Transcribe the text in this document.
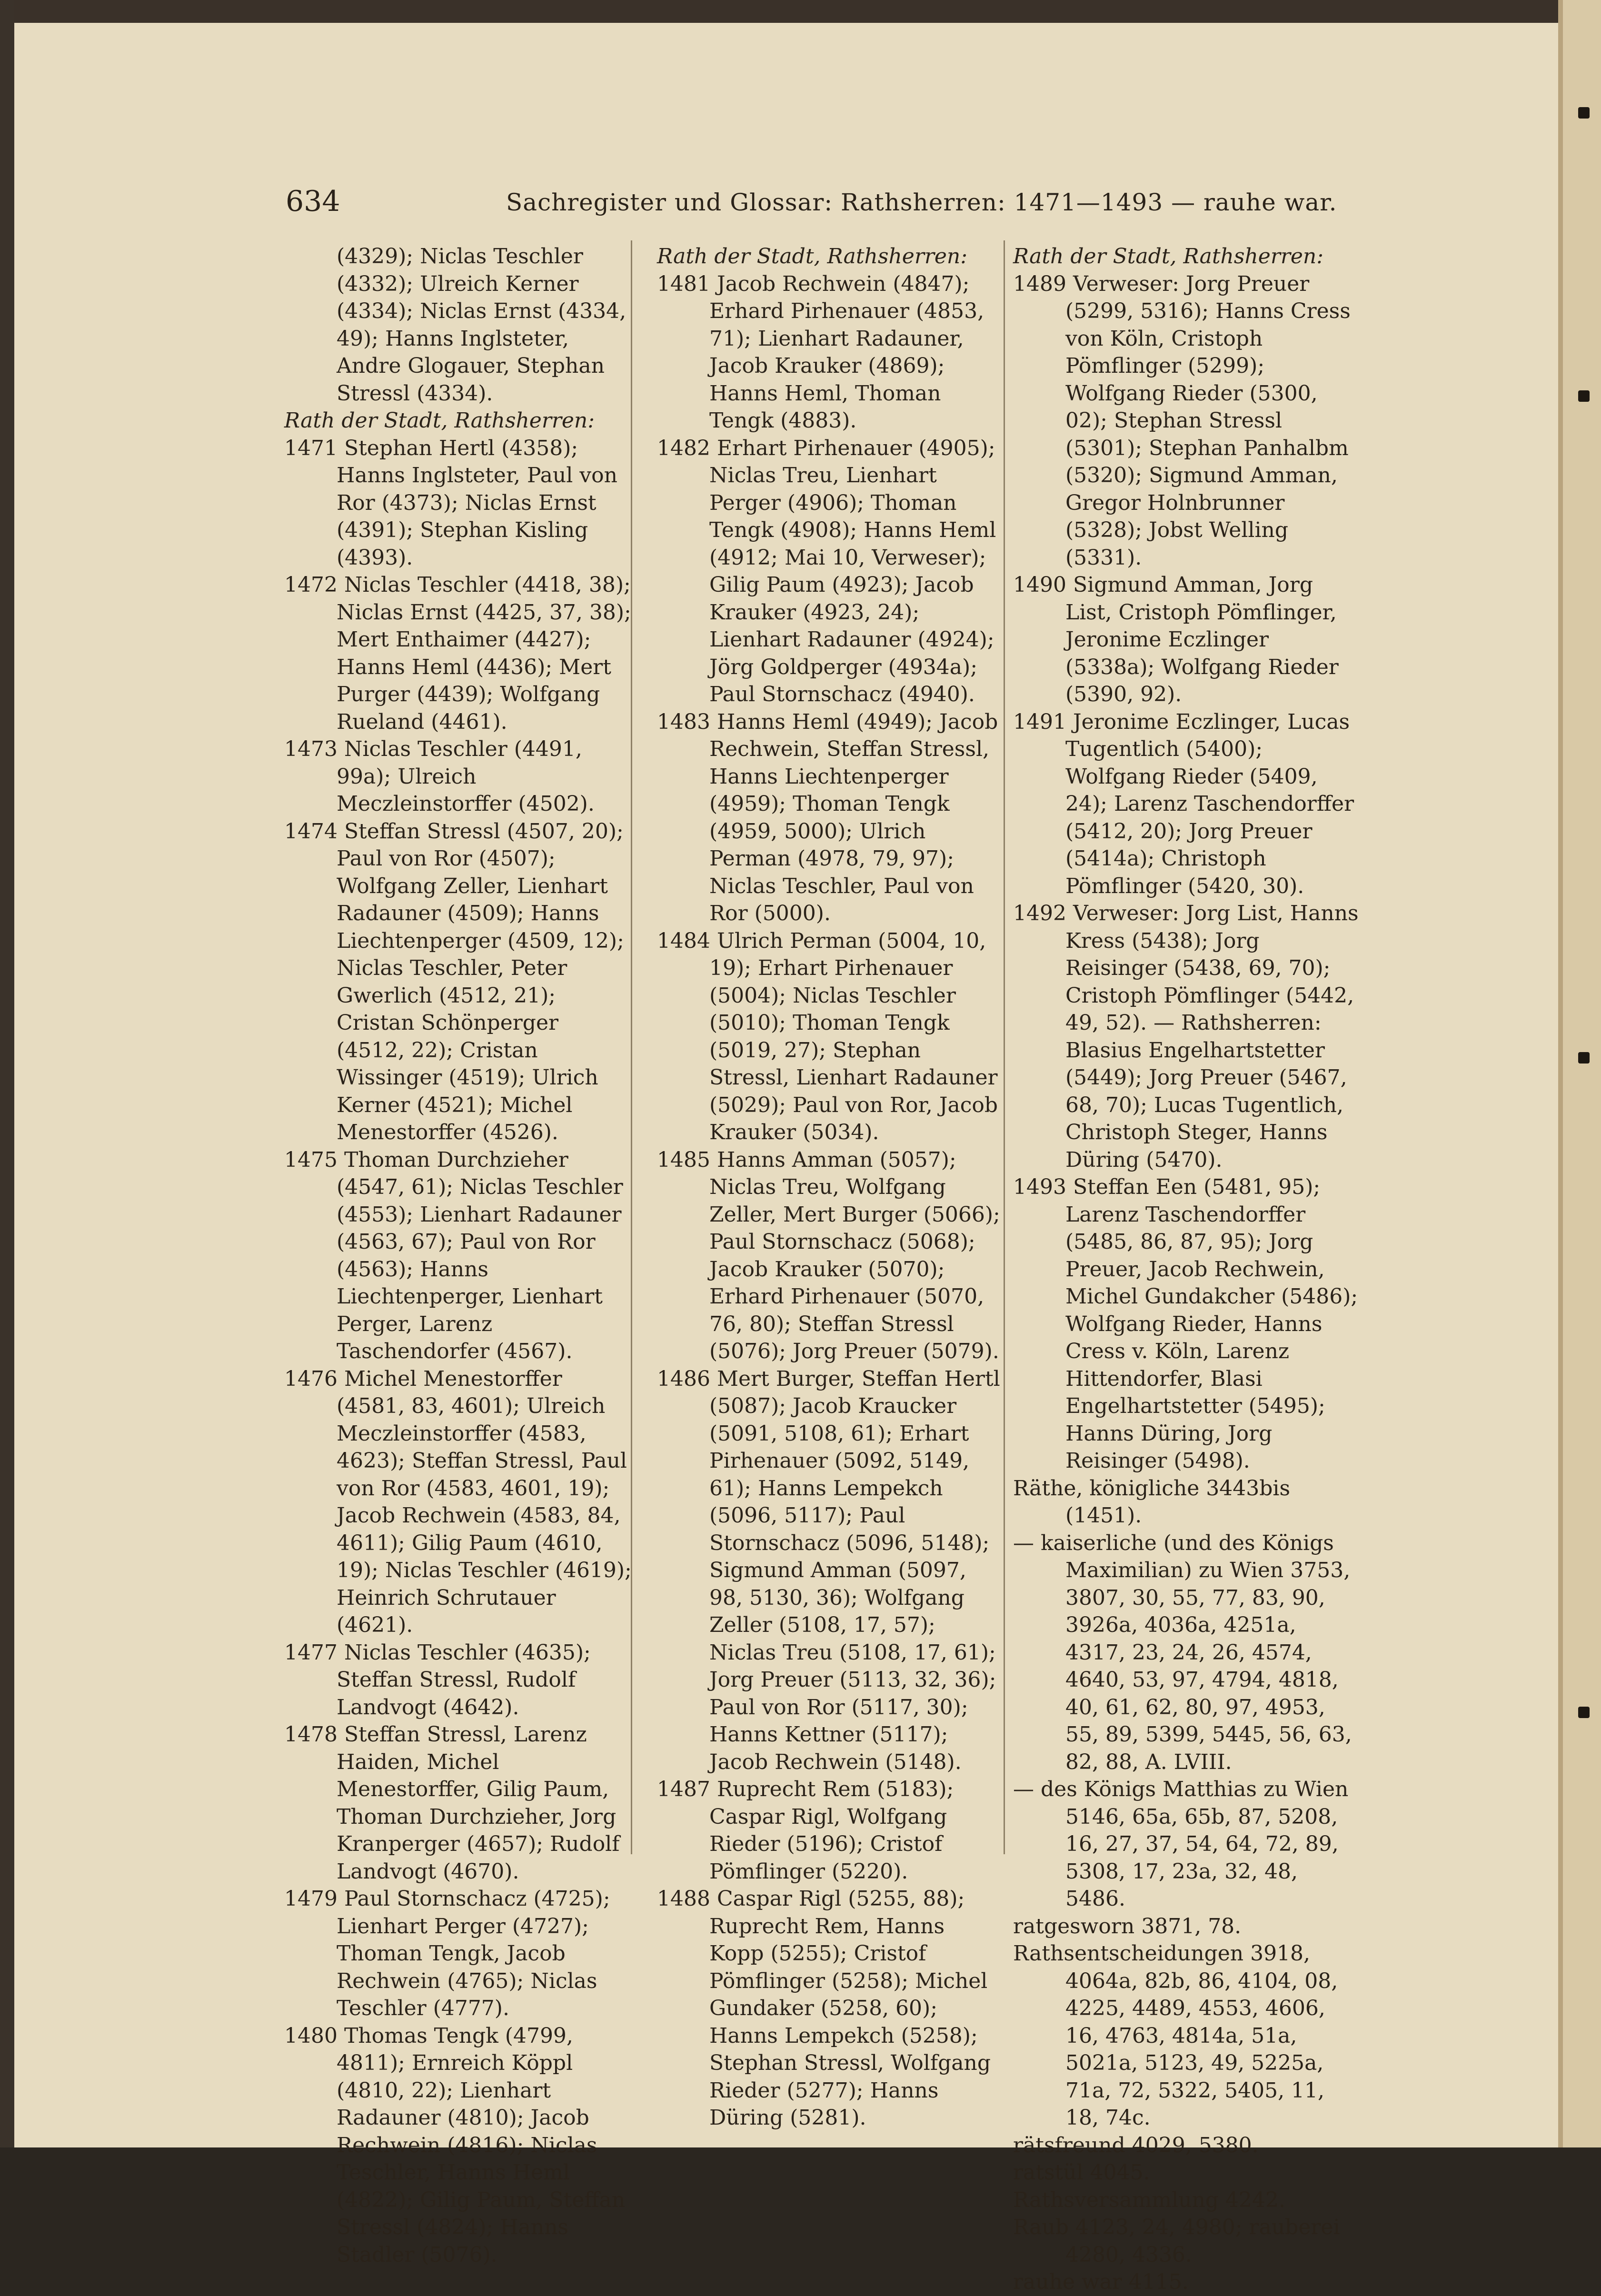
634	Sachregister und Glossar: Rathsherren: 1471—1493 — rauhe war.

(4329); Niclas Teschler (4332); Ulreich Kerner (4334); Niclas Ernst (4334, 49); Hanns Inglsteter, Andre Glogauer, Stephan Stressl (4334).

Rath der Stadt, Rathsherren:

1471 Stephan Hertl (4358); Hanns Inglsteter, Paul von Ror (4373); Niclas Ernst (4391); Stephan Kisling (4393).

1472 Niclas Teschler (4418, 38); Niclas Ernst (4425, 37, 38); Mert Enthaimer (4427); Hanns Heml (4436); Mert Purger (4439); Wolfgang Rueland (4461).

1473 Niclas Teschler (4491, 99a); Ulreich Meczleinstorffer (4502).

1474 Steffan Stressl (4507, 20); Paul von Ror (4507); Wolfgang Zeller, Lienhart Radauner (4509); Hanns Liechtenperger (4509, 12); Niclas Teschler, Peter Gwerlich (4512, 21); Cristan Schönperger (4512, 22); Cristan Wissinger (4519); Ulrich Kerner (4521); Michel Menestorffer (4526).

1475 Thoman Durchzieher (4547, 61); Niclas Teschler (4553); Lienhart Radauner (4563, 67); Paul von Ror (4563); Hanns Liechtenperger, Lienhart Perger, Larenz Taschendorfer (4567).

1476 Michel Menestorffer (4581, 83, 4601); Ulreich Meczleinstorffer (4583, 4623); Steffan Stressl, Paul von Ror (4583, 4601, 19); Jacob Rechwein (4583, 84, 4611); Gilig Paum (4610, 19); Niclas Teschler (4619); Heinrich Schrutauer (4621).

1477 Niclas Teschler (4635); Steffan Stressl, Rudolf Landvogt (4642).

1478 Steffan Stressl, Larenz Haiden, Michel Menestorffer, Gilig Paum, Thoman Durchzieher, Jorg Kranperger (4657); Rudolf Landvogt (4670).

1479 Paul Stornschacz (4725); Lienhart Perger (4727); Thoman Tengk, Jacob Rechwein (4765); Niclas Teschler (4777).

1480 Thomas Tengk (4799, 4811); Ernreich Köppl (4810, 22); Lienhart Radauner (4810); Jacob Rechwein (4816); Niclas Teschler, Hanns Heml (4822); Gilig Paum, Steffan Stressl (4824); Hanns Stadler (5076).

Rath der Stadt, Rathsherren:

1481 Jacob Rechwein (4847); Erhard Pirhenauer (4853, 71); Lienhart Radauner, Jacob Krauker (4869); Hanns Heml, Thoman Tengk (4883).

1482 Erhart Pirhenauer (4905); Niclas Treu, Lienhart Perger (4906); Thoman Tengk (4908); Hanns Heml (4912; Mai 10, Verweser); Gilig Paum (4923); Jacob Krauker (4923, 24); Lienhart Radauner (4924); Jörg Goldperger (4934a); Paul Stornschacz (4940).

1483 Hanns Heml (4949); Jacob Rechwein, Steffan Stressl, Hanns Liechtenperger (4959); Thoman Tengk (4959, 5000); Ulrich Perman (4978, 79, 97); Niclas Teschler, Paul von Ror (5000).

1484 Ulrich Perman (5004, 10, 19); Erhart Pirhenauer (5004); Niclas Teschler (5010); Thoman Tengk (5019, 27); Stephan Stressl, Lienhart Radauner (5029); Paul von Ror, Jacob Krauker (5034).

1485 Hanns Amman (5057); Niclas Treu, Wolfgang Zeller, Mert Burger (5066); Paul Stornschacz (5068); Jacob Krauker (5070); Erhard Pirhenauer (5070, 76, 80); Steffan Stressl (5076); Jorg Preuer (5079).

1486 Mert Burger, Steffan Hertl (5087); Jacob Kraucker (5091, 5108, 61); Erhart Pirhenauer (5092, 5149, 61); Hanns Lempekch (5096, 5117); Paul Stornschacz (5096, 5148); Sigmund Amman (5097, 98, 5130, 36); Wolfgang Zeller (5108, 17, 57); Niclas Treu (5108, 17, 61); Jorg Preuer (5113, 32, 36); Paul von Ror (5117, 30); Hanns Kettner (5117); Jacob Rechwein (5148).

1487 Ruprecht Rem (5183); Caspar Rigl, Wolfgang Rieder (5196); Cristof Pömflinger (5220).

1488 Caspar Rigl (5255, 88); Ruprecht Rem, Hanns Kopp (5255); Cristof Pömflinger (5258); Michel Gundaker (5258, 60); Hanns Lempekch (5258); Stephan Stressl, Wolfgang Rieder (5277); Hanns Düring (5281).

Rath der Stadt, Rathsherren:

1489 Verweser: Jorg Preuer (5299, 5316); Hanns Cress von Köln, Cristoph Pömflinger (5299); Wolfgang Rieder (5300, 02); Stephan Stressl (5301); Stephan Panhalbm (5320); Sigmund Amman, Gregor Holnbrunner (5328); Jobst Welling (5331).

1490 Sigmund Amman, Jorg List, Cristoph Pömflinger, Jeronime Eczlinger (5338a); Wolfgang Rieder (5390, 92).

1491 Jeronime Eczlinger, Lucas Tugentlich (5400); Wolfgang Rieder (5409, 24); Larenz Taschendorffer (5412, 20); Jorg Preuer (5414a); Christoph Pömflinger (5420, 30).

1492 Verweser: Jorg List, Hanns Kress (5438); Jorg Reisinger (5438, 69, 70); Cristoph Pömflinger (5442, 49, 52). — Rathsherren: Blasius Engelhartstetter (5449); Jorg Preuer (5467, 68, 70); Lucas Tugentlich, Christoph Steger, Hanns Düring (5470).

1493 Steffan Een (5481, 95); Larenz Taschendorffer (5485, 86, 87, 95); Jorg Preuer, Jacob Rechwein, Michel Gundakcher (5486); Wolfgang Rieder, Hanns Cress v. Köln, Larenz Hittendorfer, Blasi Engelhartstetter (5495); Hanns Düring, Jorg Reisinger (5498).

Räthe, königliche 3443bis (1451).

— kaiserliche (und des Königs Maximilian) zu Wien 3753, 3807, 30, 55, 77, 83, 90, 3926a, 4036a, 4251a, 4317, 23, 24, 26, 4574, 4640, 53, 97, 4794, 4818, 40, 61, 62, 80, 97, 4953, 55, 89, 5399, 5445, 56, 63, 82, 88, A. LVIII.

— des Königs Matthias zu Wien 5146, 65a, 65b, 87, 5208, 16, 27, 37, 54, 64, 72, 89, 5308, 17, 23a, 32, 48, 5486.

ratgesworn 3871, 78.

Rathsentscheidungen 3918, 4064a, 82b, 86, 4104, 08, 4225, 4489, 4553, 4606, 16, 4763, 4814a, 51a, 5021a, 5123, 49, 5225a, 71a, 72, 5322, 5405, 11, 18, 74c.

rätsfreund 4029, 5380.

ratstül 4045.

Rathsversammlung 4242.

Raub 4123, 24, 4980; rauberei 4280, 4336.

rauhe war 4115.
